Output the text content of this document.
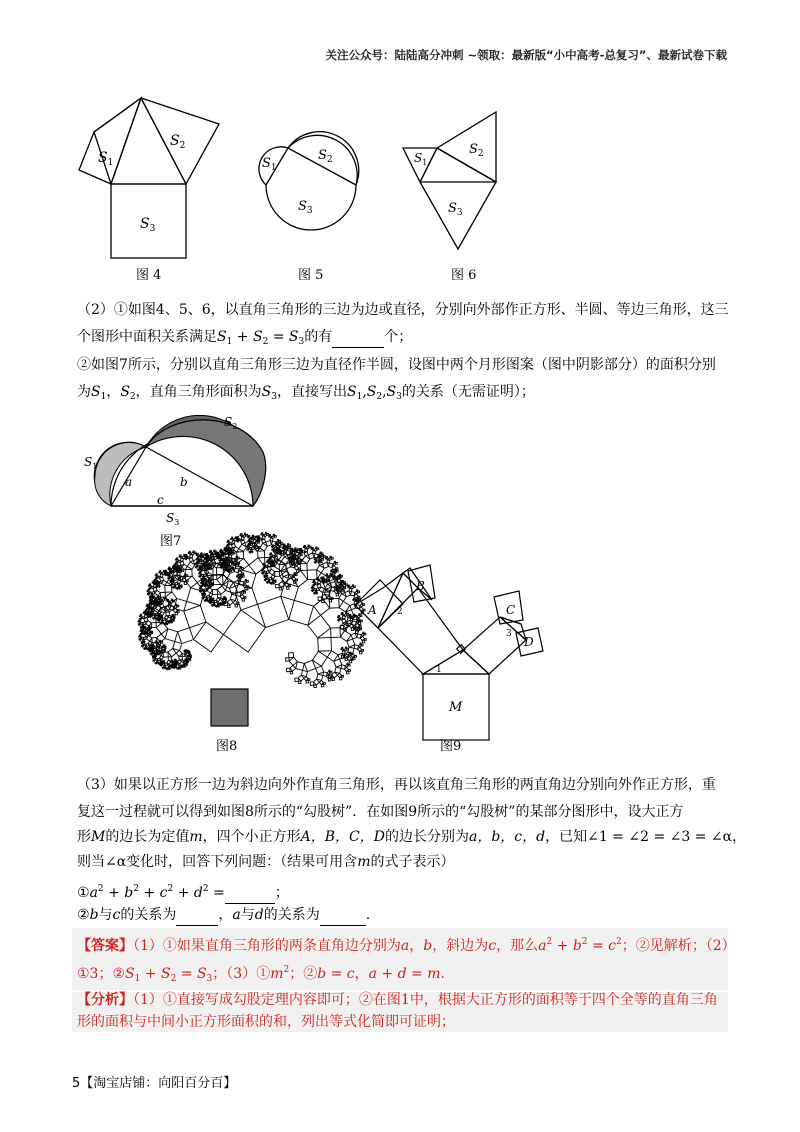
关注公众号：陆陆高分冲刺 ~领取：最新版“小中高考-总复习”、最新试卷下载
$S_1$
$S_2$
$S_3$
图 4
$S_1$
$S_2$
$S_3$
图 5
$S_1$
$S_2$
$S_3$
图 6
（2）①如图4、5、6，以直角三角形的三边为边或直径，分别向外部作正方形、半圆、等边三角形，这三
个图形中面积关系满足$S_1 + S_2 = S_3$的有	个；
②如图7所示，分别以直角三角形三边为直径作半圆，设图中两个月形图案（图中阴影部分）的面积分别
为$S_1$，$S_2$，直角三角形面积为$S_3$，直接写出$S_1,S_2,S_3$的关系（无需证明）；
$S_1$
$S_2$
$S_3$
a	b
c
图7
图8
A
B
C
D
M
1
2
3
图9
（3）如果以正方形一边为斜边向外作直角三角形，再以该直角三角形的两直角边分别向外作正方形，重
复这一过程就可以得到如图8所示的“勾股树”．在如图9所示的“勾股树”的某部分图形中，设大正方
形M的边长为定值m，四个小正方形A，B，C，D的边长分别为a，b，c，d，已知∠1 = ∠2 = ∠3 = ∠α，
则当∠α变化时，回答下列问题：（结果可用含m的式子表示）
$①a^2 + b^2 + c^2 + d^2$ =	；
②b与c的关系为	，a与d的关系为	.
【答案】（1）①如果直角三角形的两条直角边分别为a，b，斜边为c，那么$a^2 + b^2 = c^2$；②见解析；（2）
①3；$②S_1 + S_2 = S_3$；$(3)①m^2$；②b = c，a + d = m.
【分析】（1）①直接写成勾股定理内容即可；②在图1中，根据大正方形的面积等于四个全等的直角三角
形的面积与中间小正方形面积的和，列出等式化简即可证明；
5【淘宝店铺：向阳百分百】
